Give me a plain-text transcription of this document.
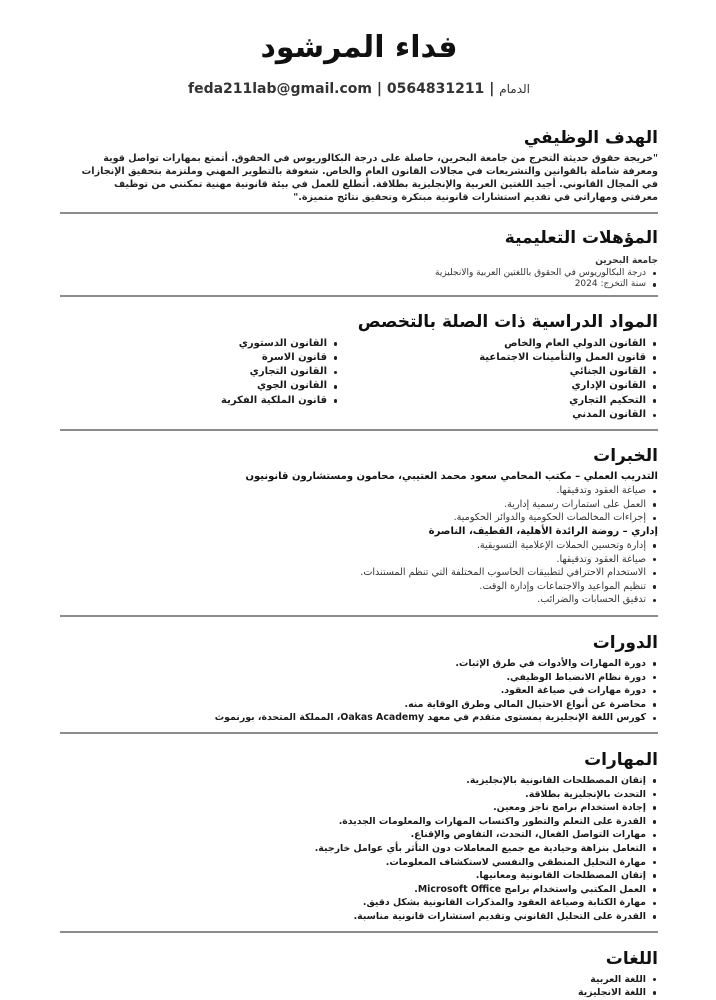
فداء المرشود
الدمام | feda211lab@gmail.com | 0564831211
الهدف الوظيفي
"خريجة حقوق حديثة التخرج من جامعة البحرين، حاصلة على درجة البكالوريوس في الحقوق. أتمتع بمهارات تواصل قوية ومعرفة شاملة بالقوانين والتشريعات في مجالات القانون العام والخاص. شغوفة بالتطوير المهني وملتزمة بتحقيق الإنجازات في المجال القانوني. أجيد اللغتين العربية والإنجليزية بطلاقة. أتطلع للعمل في بيئة قانونية مهنية تمكنني من توظيف معرفتي ومهاراتي في تقديم استشارات قانونية مبتكرة وتحقيق نتائج متميزة."
المؤهلات التعليمية
جامعة البحرين
درجة البكالوريوس في الحقوق باللغتين العربية والانجليزية
سنة التخرج: 2024
المواد الدراسية ذات الصلة بالتخصص
القانون الدولي العام والخاص
قانون العمل والتأمينات الاجتماعية
القانون الجنائي
القانون الإداري
التحكيم التجاري
القانون المدني
القانون الدستوري
قانون الاسرة
القانون التجاري
القانون الجوي
قانون الملكية الفكرية
الخبرات
التدريب العملي – مكتب المحامي سعود محمد العتيبي، محامون ومستشارون قانونيون
صياغة العقود وتدقيقها.
العمل على استمارات رسمية إدارية.
إجراءات المخالصات الحكومية والدوائر الحكومية.
إداري – روضة الرائدة الأهلية، القطيف، الناصرة
إدارة وتحسين الحملات الإعلامية التسويقية.
صياغة العقود وتدقيقها.
الاستخدام الاحترافي لتطبيقات الحاسوب المختلفة التي تنظم المستندات.
تنظيم المواعيد والاجتماعات وإدارة الوقت.
تدقيق الحسابات والضرائب.
الدورات
دورة المهارات والأدوات في طرق الإثبات.
دورة نظام الانضباط الوظيفي.
دورة مهارات في صياغة العقود.
محاضرة عن أنواع الاحتيال المالي وطرق الوقاية منه.
كورس اللغة الإنجليزية بمستوى متقدم في معهد Oakas Academy، المملكة المتحدة، بورنموث
المهارات
إتقان المصطلحات القانونية بالإنجليزية.
التحدث بالإنجليزية بطلاقة.
إجادة استخدام برامج ناجز ومعين.
القدرة على التعلم والتطور واكتساب المهارات والمعلومات الجديدة.
مهارات التواصل الفعال، التحدث، التفاوض والإقناع.
التعامل بنزاهة وحيادية مع جميع المعاملات دون التأثر بأي عوامل خارجية.
مهارة التحليل المنطقي والنفسي لاستكشاف المعلومات.
إتقان المصطلحات القانونية ومعانيها.
العمل المكتبي واستخدام برامج Microsoft Office.
مهارة الكتابة وصياغة العقود والمذكرات القانونية بشكل دقيق.
القدرة على التحليل القانوني وتقديم استشارات قانونية مناسبة.
اللغات
اللغة العربية
اللغة الانجليزية
